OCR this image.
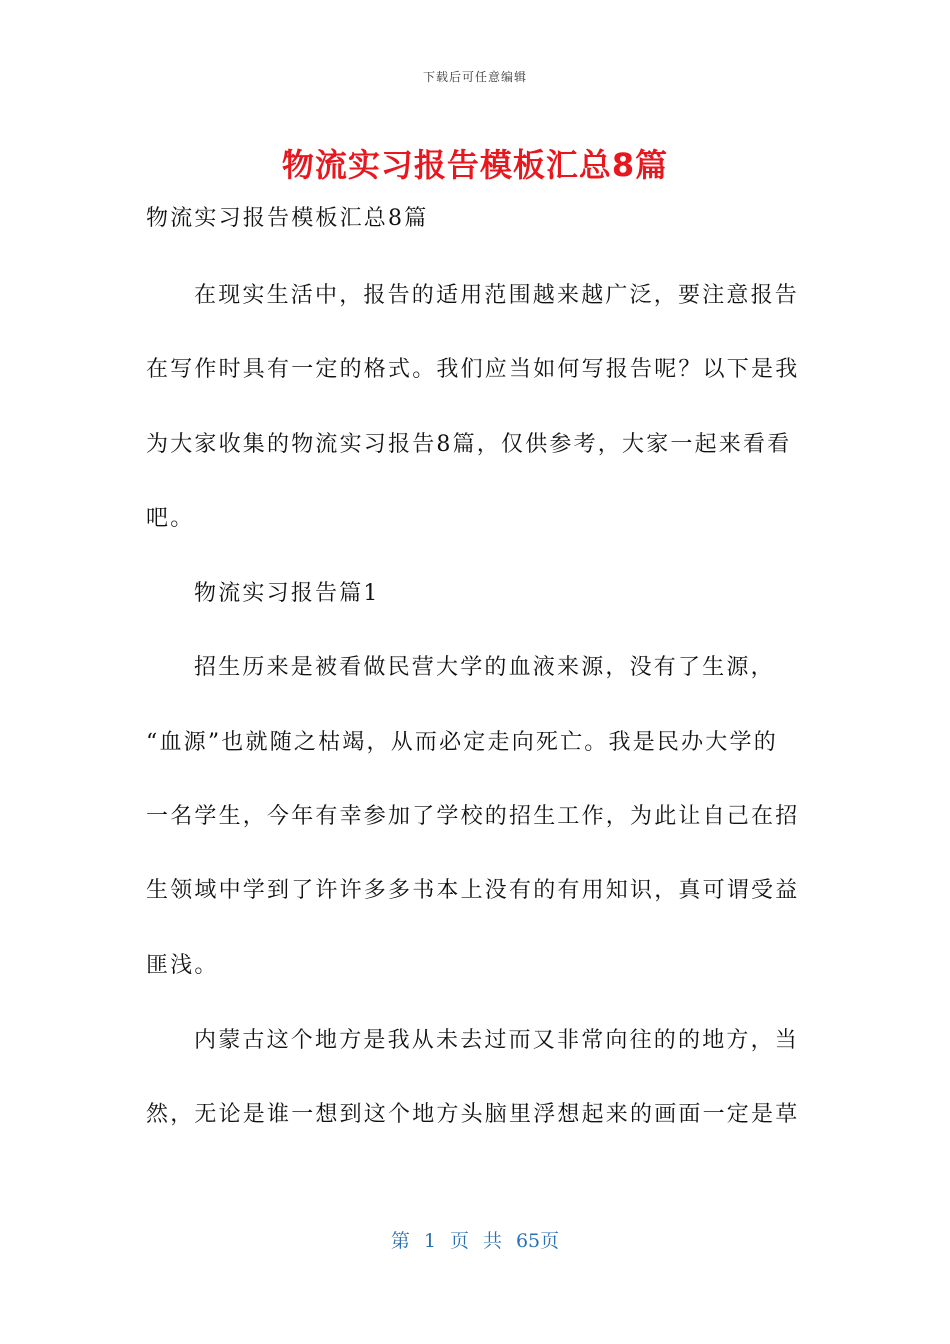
下载后可任意编辑
物流实习报告模板汇总8篇
物流实习报告模板汇总8篇
在现实生活中，报告的适用范围越来越广泛，要注意报告
在写作时具有一定的格式。我们应当如何写报告呢？以下是我
为大家收集的物流实习报告8篇，仅供参考，大家一起来看看
吧。
物流实习报告篇1
招生历来是被看做民营大学的血液来源，没有了生源，
“血源”也就随之枯竭，从而必定走向死亡。我是民办大学的
一名学生，今年有幸参加了学校的招生工作，为此让自己在招
生领域中学到了许许多多书本上没有的有用知识，真可谓受益
匪浅。
内蒙古这个地方是我从未去过而又非常向往的的地方，当
然，无论是谁一想到这个地方头脑里浮想起来的画面一定是草
第 1 页 共 65页
